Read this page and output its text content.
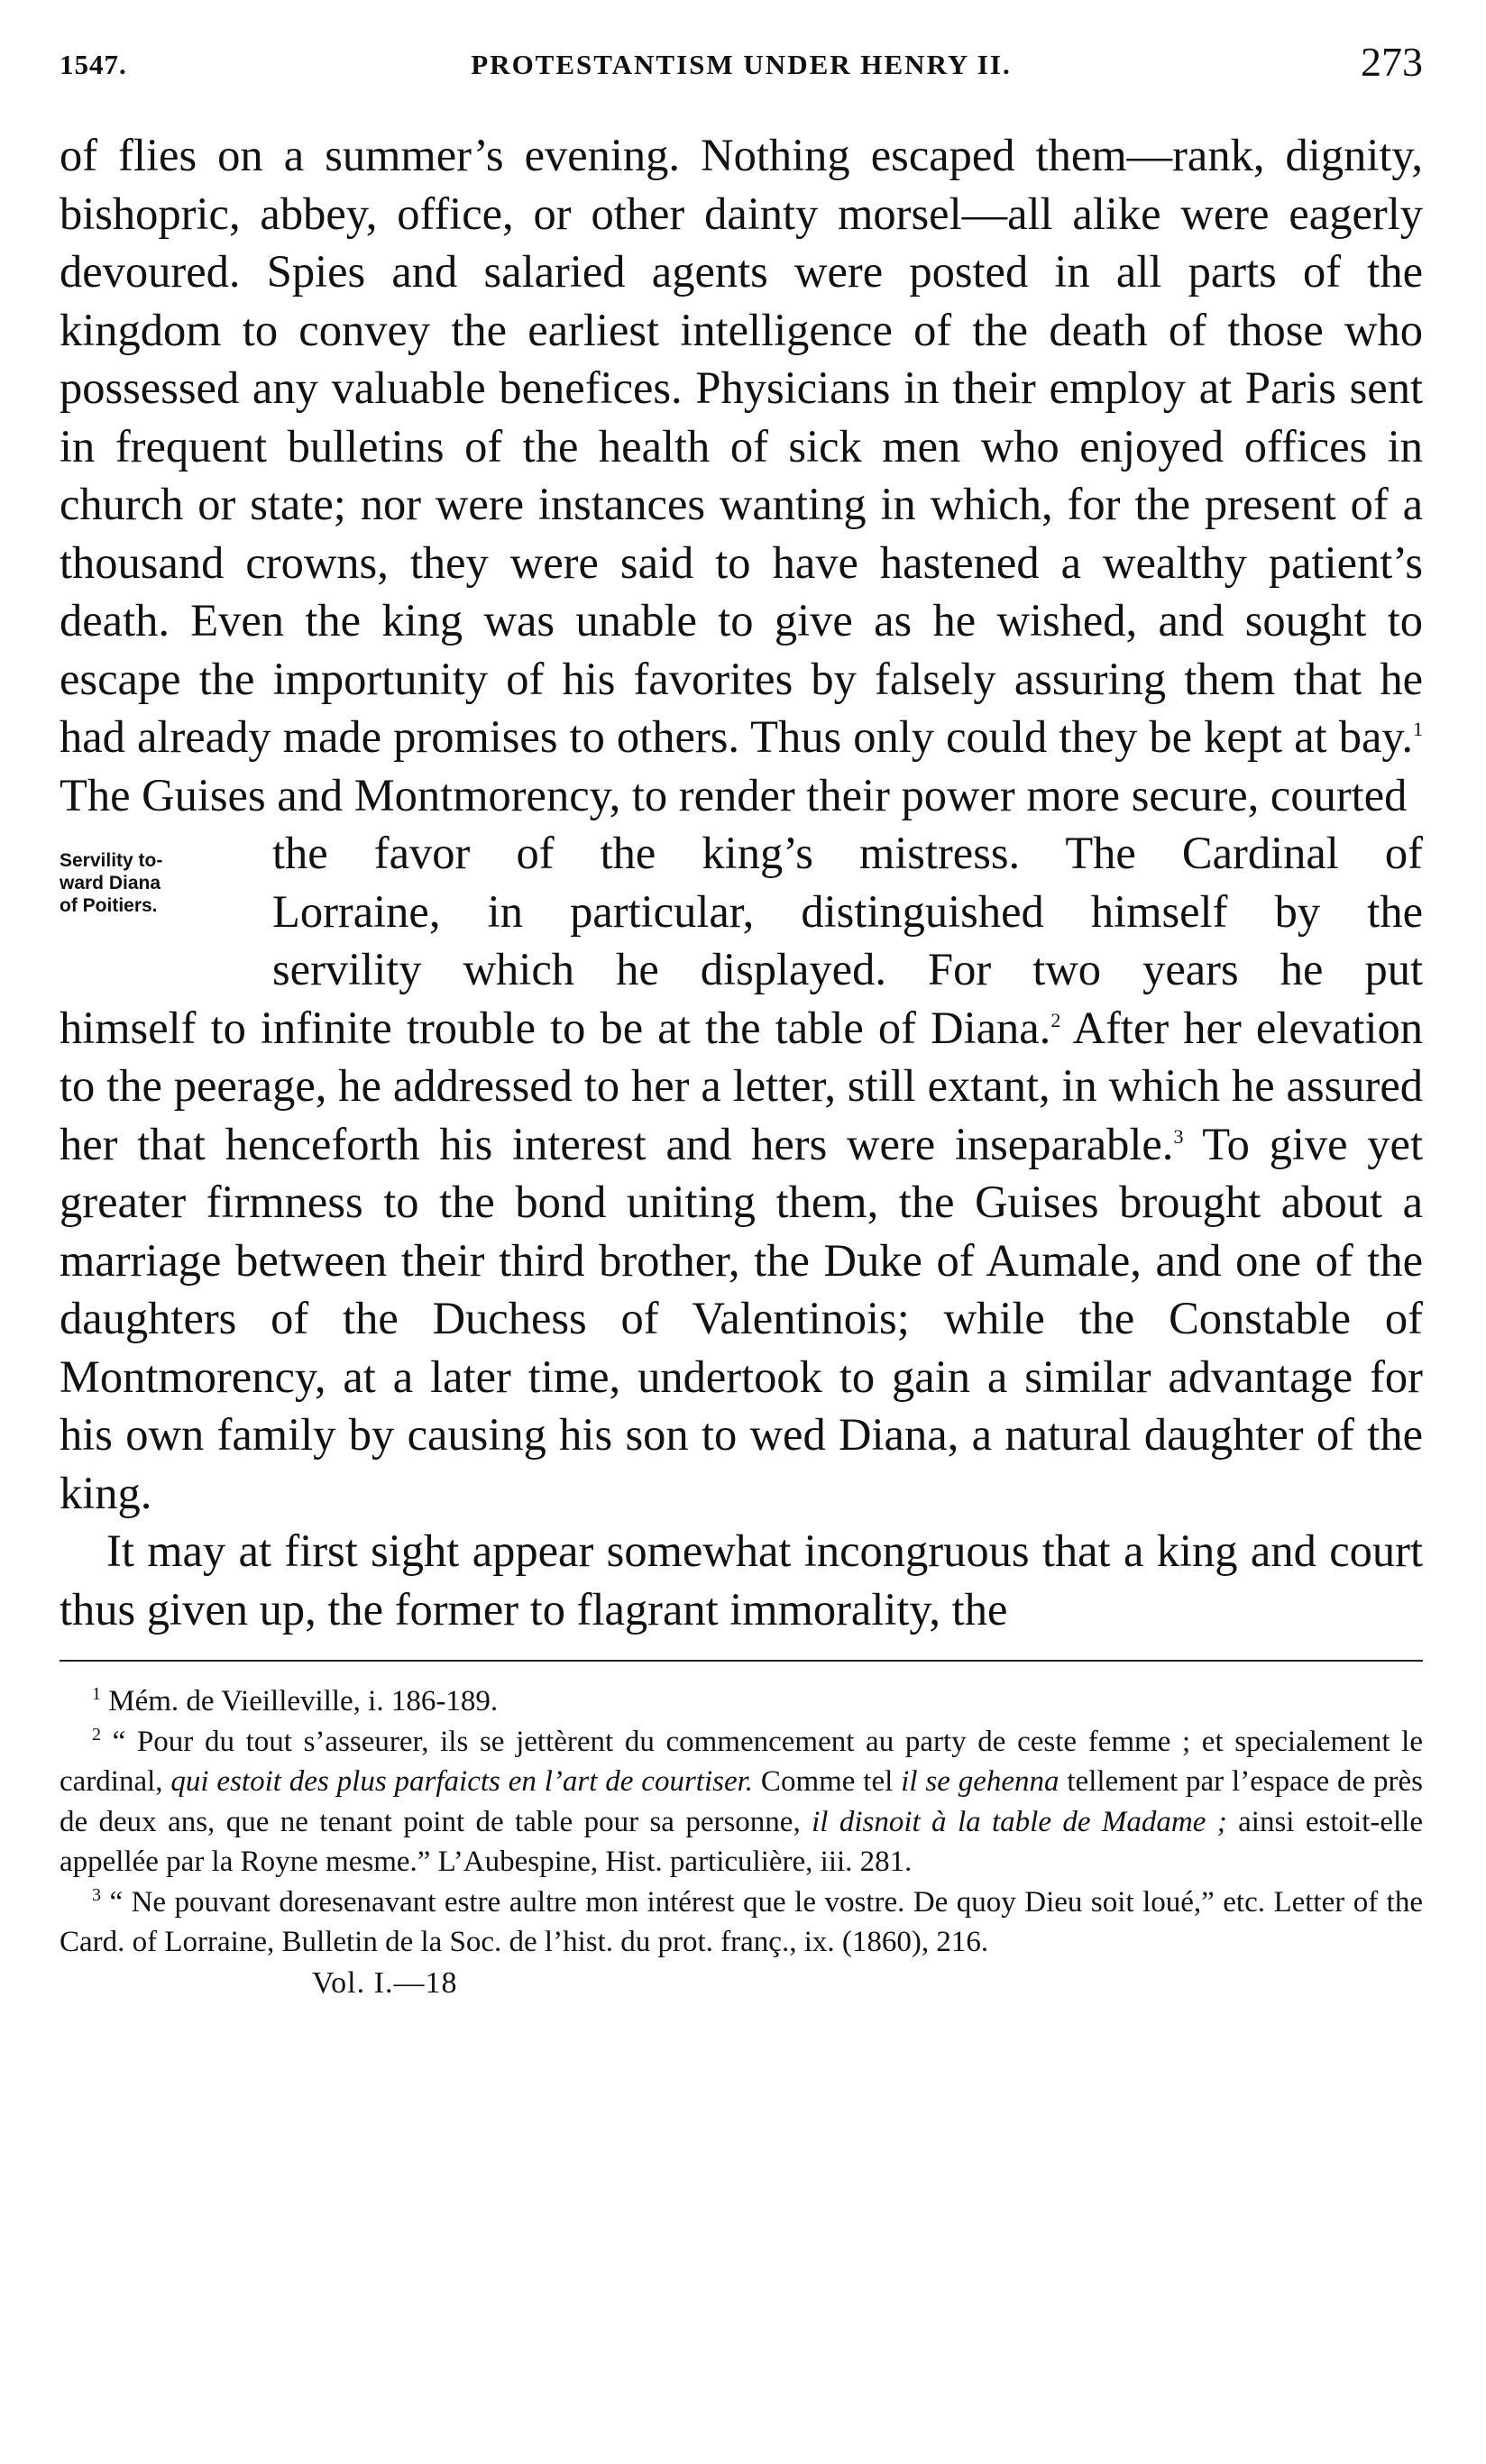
1547.	PROTESTANTISM UNDER HENRY II.	273

of flies on a summer’s evening. Nothing escaped them—rank, dignity, bishopric, abbey, office, or other dainty morsel—all alike were eagerly devoured. Spies and salaried agents were posted in all parts of the kingdom to convey the earliest intelligence of the death of those who possessed any valuable benefices. Physicians in their employ at Paris sent in frequent bulletins of the health of sick men who enjoyed offices in church or state; nor were instances wanting in which, for the present of a thousand crowns, they were said to have hastened a wealthy patient’s death. Even the king was unable to give as he wished, and sought to escape the importunity of his favorites by falsely assuring them that he had already made promises to others. Thus only could they be kept at bay.$^1$ The Guises and Montmorency, to render their power more secure, courted

Servility to-
ward Diana
of Poitiers.
the favor of the king’s mistress. The Cardinal of
Lorraine, in particular, distinguished himself by the
servility which he displayed. For two years he put

himself to infinite trouble to be at the table of Diana.$^2$ After her elevation to the peerage, he addressed to her a letter, still extant, in which he assured her that henceforth his interest and hers were inseparable.$^3$ To give yet greater firmness to the bond uniting them, the Guises brought about a marriage between their third brother, the Duke of Aumale, and one of the daughters of the Duchess of Valentinois; while the Constable of Montmorency, at a later time, undertook to gain a similar advantage for his own family by causing his son to wed Diana, a natural daughter of the king.

It may at first sight appear somewhat incongruous that a king and court thus given up, the former to flagrant immorality, the

$^1$ Mém. de Vieilleville, i. 186-189.

$^2$ “ Pour du tout s’asseurer, ils se jettèrent du commencement au party de ceste femme ; et specialement le cardinal, qui estoit des plus parfaicts en l’art de courtiser. Comme tel il se gehenna tellement par l’espace de près de deux ans, que ne tenant point de table pour sa personne, il disnoit à la table de Madame ; ainsi estoit-elle appellée par la Royne mesme.” L’Aubespine, Hist. particulière, iii. 281.

$^3$ “ Ne pouvant doresenavant estre aultre mon intérest que le vostre. De quoy Dieu soit loué,” etc. Letter of the Card. of Lorraine, Bulletin de la Soc. de l’hist. du prot. franç., ix. (1860), 216.

Vol. I.—18
